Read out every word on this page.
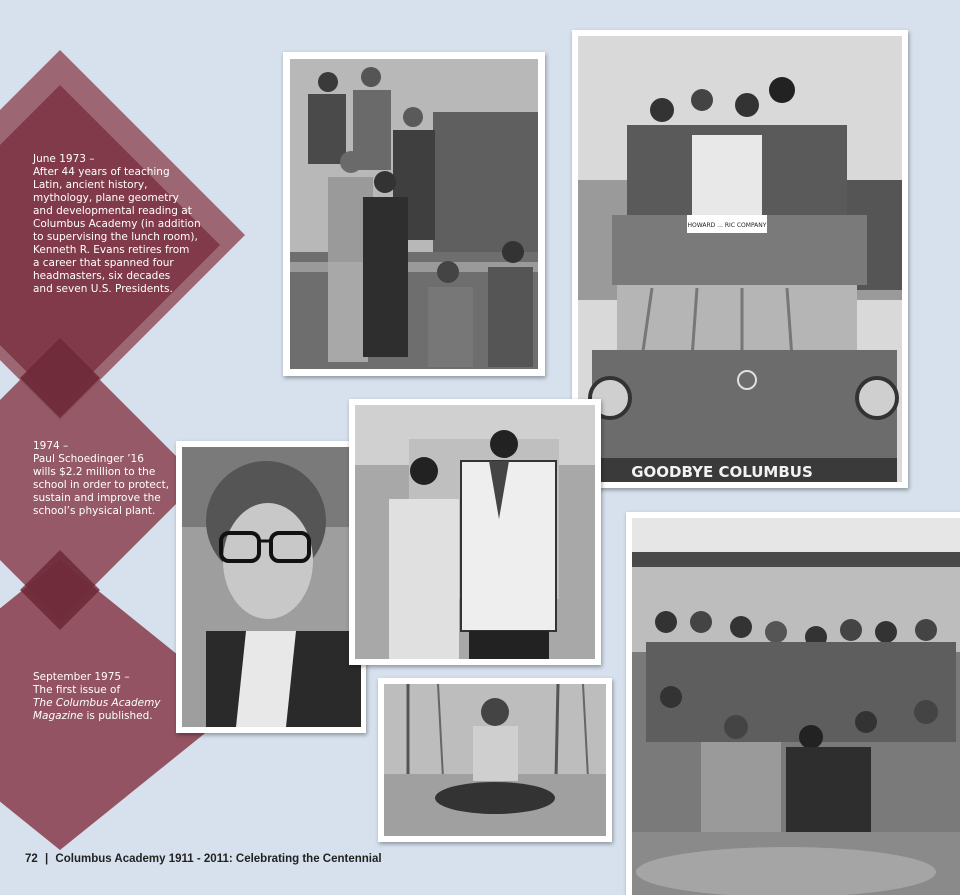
June 1973 –
After 44 years of teaching
Latin, ancient history,
mythology, plane geometry
and developmental reading at
Columbus Academy (in addition
to supervising the lunch room),
Kenneth R. Evans retires from
a career that spanned four
headmasters, six decades
and seven U.S. Presidents.
1974 –
Paul Schoedinger ’16
wills $2.2 million to the
school in order to protect,
sustain and improve the
school’s physical plant.
September 1975 –
The first issue of
The Columbus Academy
Magazine is published.
HOWARD ... RIC COMPANY
GOODBYE COLUMBUS
72 | Columbus Academy 1911 - 2011: Celebrating the Centennial
